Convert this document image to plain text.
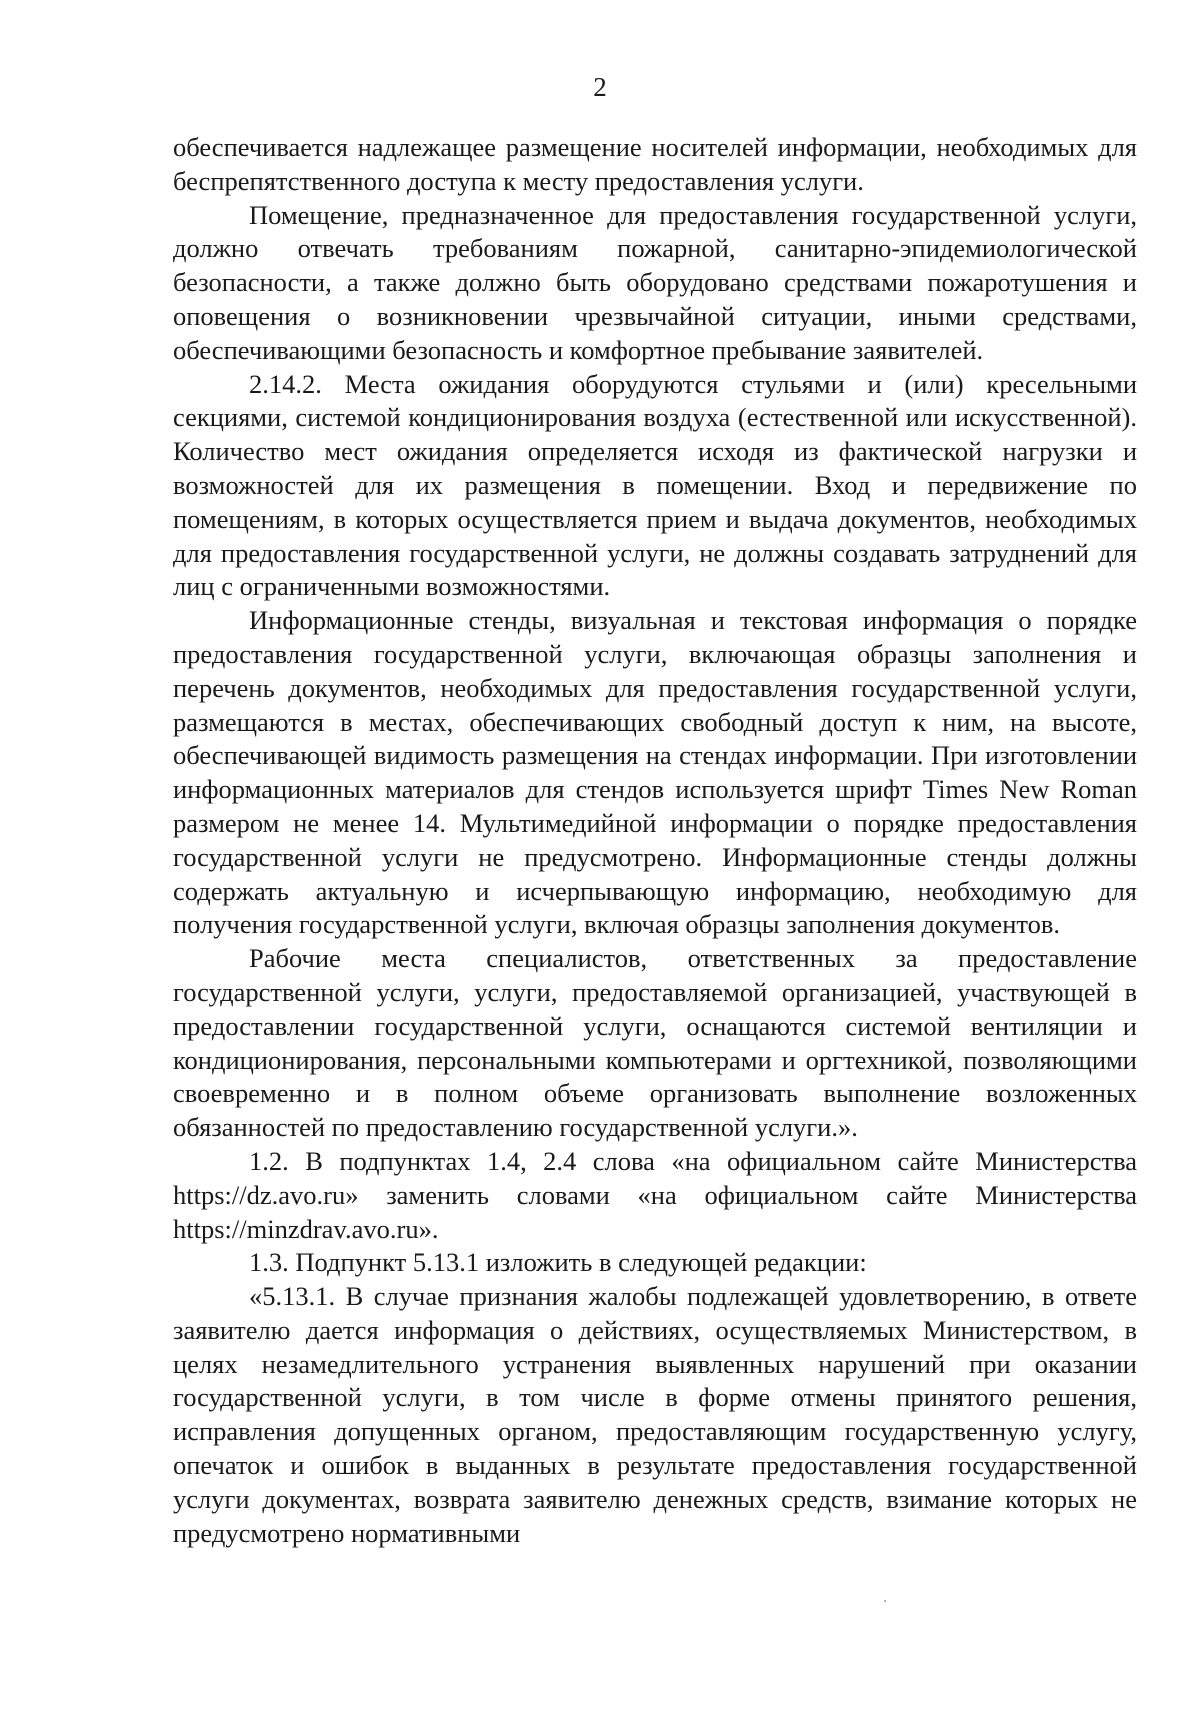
2

обеспечивается надлежащее размещение носителей информации, необходимых для беспрепятственного доступа к месту предоставления услуги.

Помещение, предназначенное для предоставления государственной услуги, должно отвечать требованиям пожарной, санитарно-эпидемиологической безопасности, а также должно быть оборудовано средствами пожаротушения и оповещения о возникновении чрезвычайной ситуации, иными средствами, обеспечивающими безопасность и комфортное пребывание заявителей.

2.14.2. Места ожидания оборудуются стульями и (или) кресельными секциями, системой кондиционирования воздуха (естественной или искусственной). Количество мест ожидания определяется исходя из фактической нагрузки и возможностей для их размещения в помещении. Вход и передвижение по помещениям, в которых осуществляется прием и выдача документов, необходимых для предоставления государственной услуги, не должны создавать затруднений для лиц с ограниченными возможностями.

Информационные стенды, визуальная и текстовая информация о порядке предоставления государственной услуги, включающая образцы заполнения и перечень документов, необходимых для предоставления государственной услуги, размещаются в местах, обеспечивающих свободный доступ к ним, на высоте, обеспечивающей видимость размещения на стендах информации. При изготовлении информационных материалов для стендов используется шрифт Times New Roman размером не менее 14. Мультимедийной информации о порядке предоставления государственной услуги не предусмотрено. Информационные стенды должны содержать актуальную и исчерпывающую информацию, необходимую для получения государственной услуги, включая образцы заполнения документов.

Рабочие места специалистов, ответственных за предоставление государственной услуги, услуги, предоставляемой организацией, участвующей в предоставлении государственной услуги, оснащаются системой вентиляции и кондиционирования, персональными компьютерами и оргтехникой, позволяющими своевременно и в полном объеме организовать выполнение возложенных обязанностей по предоставлению государственной услуги.».

1.2. В подпунктах 1.4, 2.4 слова «на официальном сайте Министерства https://dz.avo.ru» заменить словами «на официальном сайте Министерства https://minzdrav.avo.ru».

1.3. Подпункт 5.13.1 изложить в следующей редакции:

«5.13.1. В случае признания жалобы подлежащей удовлетворению, в ответе заявителю дается информация о действиях, осуществляемых Министерством, в целях незамедлительного устранения выявленных нарушений при оказании государственной услуги, в том числе в форме отмены принятого решения, исправления допущенных органом, предоставляющим государственную услугу, опечаток и ошибок в выданных в результате предоставления государственной услуги документах, возврата заявителю денежных средств, взимание которых не предусмотрено нормативными
